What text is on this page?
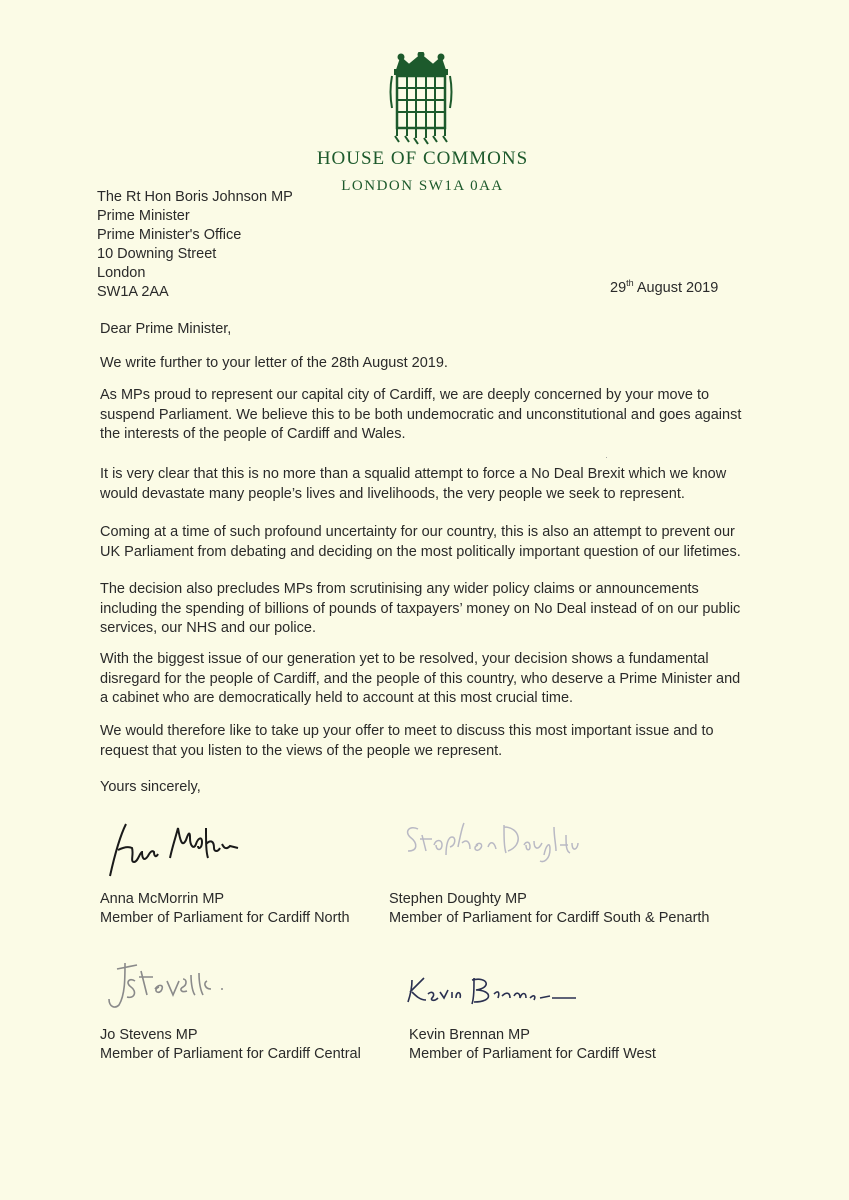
HOUSE OF COMMONS
LONDON SW1A 0AA
The Rt Hon Boris Johnson MP
Prime Minister
Prime Minister's Office
10 Downing Street
London
SW1A 2AA	29th August 2019
·
Dear Prime Minister,
We write further to your letter of the 28th August 2019.
As MPs proud to represent our capital city of Cardiff, we are deeply concerned by your move to suspend Parliament. We believe this to be both undemocratic and unconstitutional and goes against the interests of the people of Cardiff and Wales.
It is very clear that this is no more than a squalid attempt to force a No Deal Brexit which we know would devastate many people’s lives and livelihoods, the very people we seek to represent.
Coming at a time of such profound uncertainty for our country, this is also an attempt to prevent our UK Parliament from debating and deciding on the most politically important question of our lifetimes.
The decision also precludes MPs from scrutinising any wider policy claims or announcements including the spending of billions of pounds of taxpayers’ money on No Deal instead of on our public services, our NHS and our police.
With the biggest issue of our generation yet to be resolved, your decision shows a fundamental disregard for the people of Cardiff, and the people of this country, who deserve a Prime Minister and a cabinet who are democratically held to account at this most crucial time.
We would therefore like to take up your offer to meet to discuss this most important issue and to request that you listen to the views of the people we represent.
Yours sincerely,
Anna McMorrin MP
Member of Parliament for Cardiff North
Stephen Doughty MP
Member of Parliament for Cardiff South & Penarth
Jo Stevens MP
Member of Parliament for Cardiff Central
Kevin Brennan MP
Member of Parliament for Cardiff West
